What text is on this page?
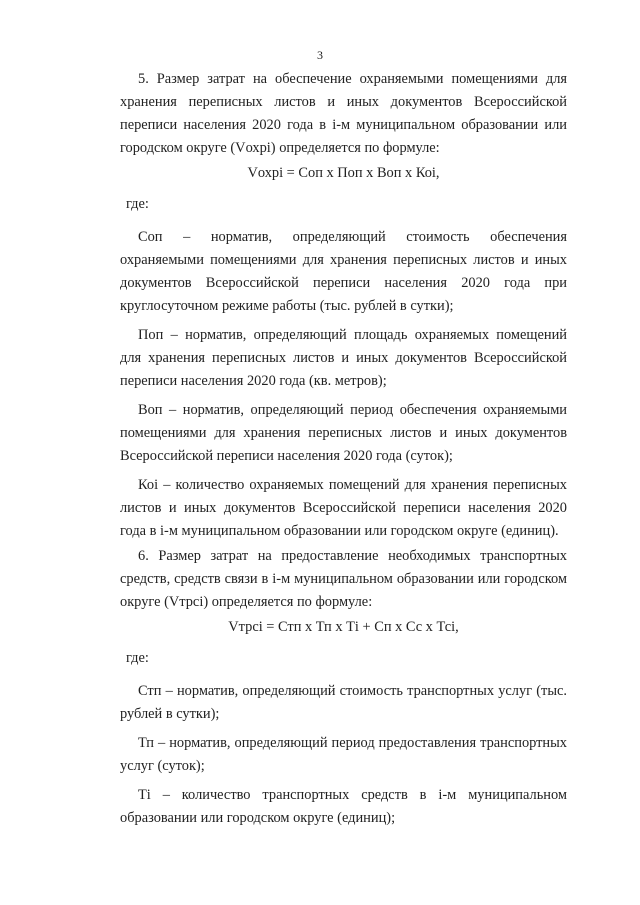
3

5. Размер затрат на обеспечение охраняемыми помещениями для хранения переписных листов и иных документов Всероссийской переписи населения 2020 года в i-м муниципальном образовании или городском округе (Vохрi) определяется по формуле:

Vохрi = Соп х Поп х Воп х Коi,

где:

Соп – норматив, определяющий стоимость обеспечения охраняемыми помещениями для хранения переписных листов и иных документов Всероссийской переписи населения 2020 года при круглосуточном режиме работы (тыс. рублей в сутки);

Поп – норматив, определяющий площадь охраняемых помещений для хранения переписных листов и иных документов Всероссийской переписи населения 2020 года (кв. метров);

Воп – норматив, определяющий период обеспечения охраняемыми помещениями для хранения переписных листов и иных документов Всероссийской переписи населения 2020 года (суток);

Коi – количество охраняемых помещений для хранения переписных листов и иных документов Всероссийской переписи населения 2020 года в i-м муниципальном образовании или городском округе (единиц).

6. Размер затрат на предоставление необходимых транспортных средств, средств связи в i-м муниципальном образовании или городском округе (Vтрсi) определяется по формуле:

Vтрсi = Стп х Тп х Тi + Сп х Сс х Тсi,

где:

Стп – норматив, определяющий стоимость транспортных услуг (тыс. рублей в сутки);

Тп – норматив, определяющий период предоставления транспортных услуг (суток);

Тi – количество транспортных средств в i-м муниципальном образовании или городском округе (единиц);
